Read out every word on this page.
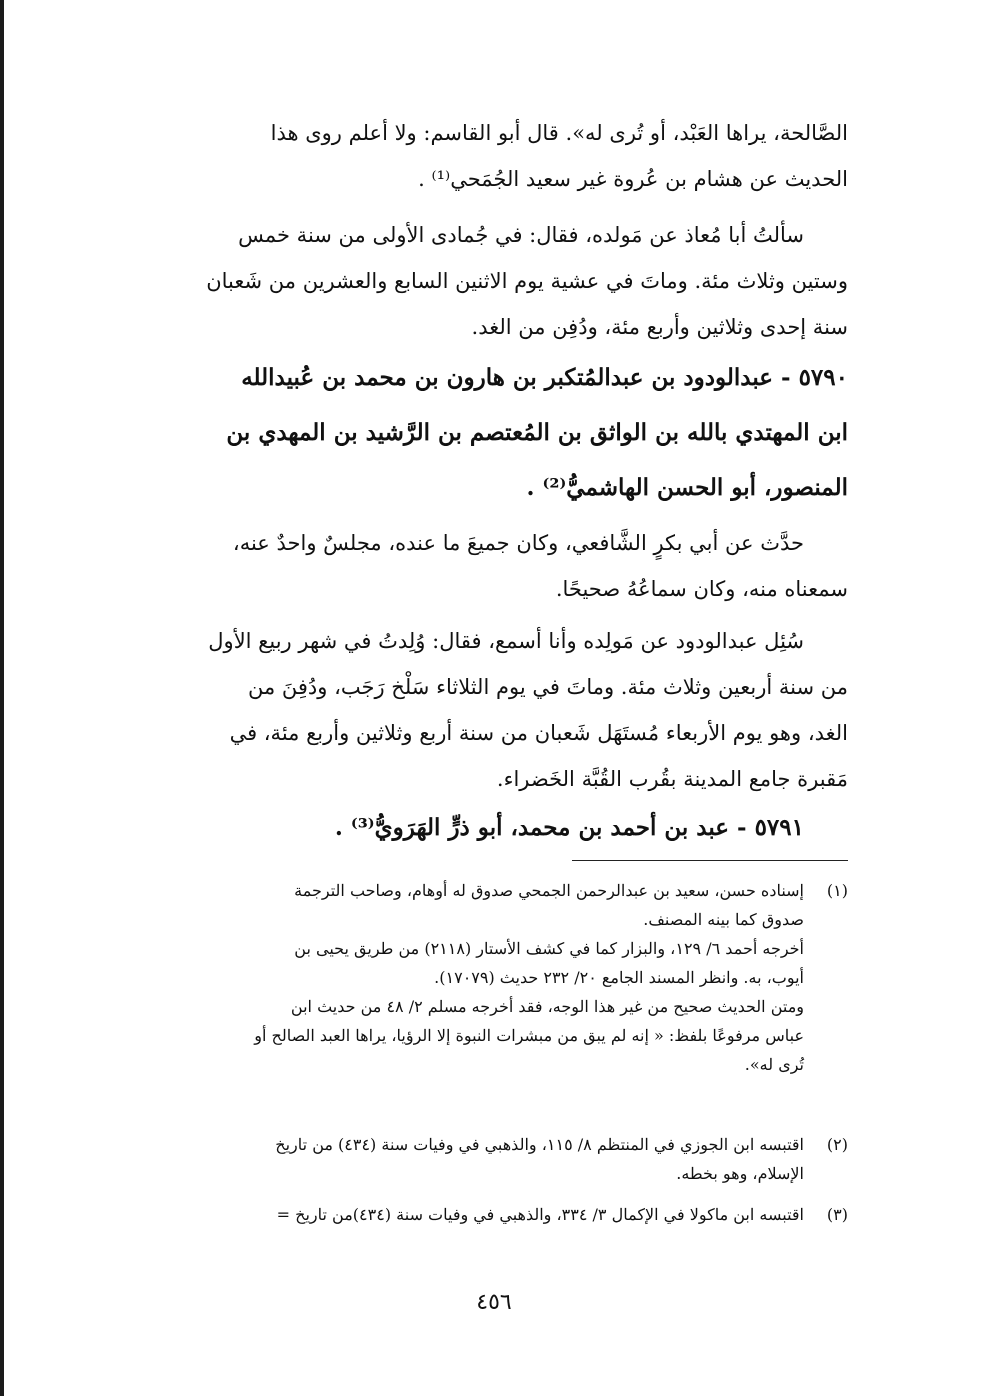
الصَّالحة، يراها العَبْد، أو تُرى له». قال أبو القاسم: ولا أعلم روى هذا
الحديث عن هشام بن عُروة غير سعيد الجُمَحي⁽¹⁾ .
سألتُ أبا مُعاذ عن مَولده، فقال: في جُمادى الأولى من سنة خمس
وستين وثلاث مئة. وماتَ في عشية يوم الاثنين السابع والعشرين من شَعبان
سنة إحدى وثلاثين وأربع مئة، ودُفِن من الغد.
٥٧٩٠ - عبدالودود بن عبدالمُتكبر بن هارون بن محمد بن عُبيدالله
ابن المهتدي بالله بن الواثق بن المُعتصم بن الرَّشيد بن المهدي بن
المنصور، أبو الحسن الهاشميُّ⁽²⁾ .
حدَّث عن أبي بكرٍ الشَّافعي، وكان جميعَ ما عنده، مجلسٌ واحدٌ عنه،
سمعناه منه، وكان سماعُهُ صحيحًا.
سُئِل عبدالودود عن مَولِده وأنا أسمع، فقال: وُلِدتُ في شهر ربيع الأول
من سنة أربعين وثلاث مئة. وماتَ في يوم الثلاثاء سَلْخ رَجَب، ودُفِنَ من
الغد، وهو يوم الأربعاء مُستَهَل شَعبان من سنة أربع وثلاثين وأربع مئة، في
مَقبرة جامع المدينة بقُرب القُبَّة الخَضراء.
٥٧٩١ - عبد بن أحمد بن محمد، أبو ذرٍّ الهَرَويُّ⁽³⁾ .
(١)إسناده حسن، سعيد بن عبدالرحمن الجمحي صدوق له أوهام، وصاحب الترجمة
صدوق كما بينه المصنف.
أخرجه أحمد ٦/ ١٢٩، والبزار كما في كشف الأستار (٢١١٨) من طريق يحيى بن
أيوب، به. وانظر المسند الجامع ٢٠/ ٢٣٢ حديث (١٧٠٧٩).
ومتن الحديث صحيح من غير هذا الوجه، فقد أخرجه مسلم ٢/ ٤٨ من حديث ابن
عباس مرفوعًا بلفظ: « إنه لم يبق من مبشرات النبوة إلا الرؤيا، يراها العبد الصالح أو
تُرى له».
(٢)اقتبسه ابن الجوزي في المنتظم ٨/ ١١٥، والذهبي في وفيات سنة (٤٣٤) من تاريخ
الإسلام، وهو بخطه.
(٣)اقتبسه ابن ماكولا في الإكمال ٣/ ٣٣٤، والذهبي في وفيات سنة (٤٣٤)من تاريخ =
٤٥٦
